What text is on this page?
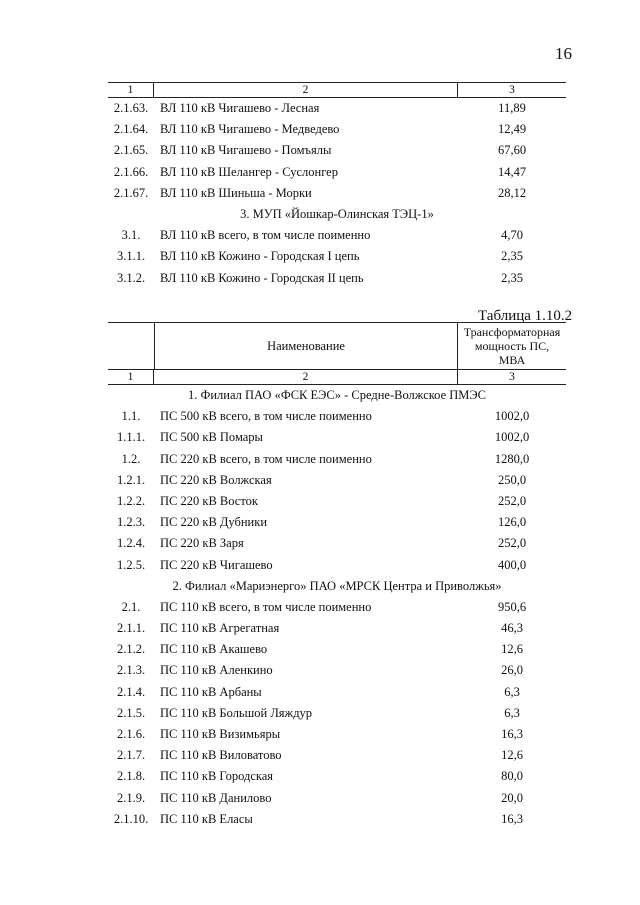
16
1	2	3
2.1.63. ВЛ 110 кВ Чигашево - Лесная	11,89
2.1.64. ВЛ 110 кВ Чигашево - Медведево	12,49
2.1.65. ВЛ 110 кВ Чигашево - Помъялы	67,60
2.1.66. ВЛ 110 кВ Шелангер - Суслонгер	14,47
2.1.67. ВЛ 110 кВ Шиньша - Морки	28,12
3. МУП «Йошкар-Олинская ТЭЦ-1»
3.1.	ВЛ 110 кВ всего, в том числе поименно	4,70
3.1.1.	ВЛ 110 кВ Кожино - Городская I цепь	2,35
3.1.2.	ВЛ 110 кВ Кожино - Городская II цепь	2,35
Таблица 1.10.2
Наименование
Трансформаторная
мощность ПС,
МВА
1	2	3
1. Филиал ПАО «ФСК ЕЭС» - Средне-Волжское ПМЭС
1.1.	ПС 500 кВ всего, в том числе поименно	1002,0
1.1.1.	ПС 500 кВ Помары	1002,0
1.2.	ПС 220 кВ всего, в том числе поименно	1280,0
1.2.1.	ПС 220 кВ Волжская	250,0
1.2.2.	ПС 220 кВ Восток	252,0
1.2.3.	ПС 220 кВ Дубники	126,0
1.2.4.	ПС 220 кВ Заря	252,0
1.2.5.	ПС 220 кВ Чигашево	400,0
2. Филиал «Мариэнерго» ПАО «МРСК Центра и Приволжья»
2.1.	ПС 110 кВ всего, в том числе поименно	950,6
2.1.1.	ПС 110 кВ Агрегатная	46,3
2.1.2.	ПС 110 кВ Акашево	12,6
2.1.3.	ПС 110 кВ Аленкино	26,0
2.1.4.	ПС 110 кВ Арбаны	6,3
2.1.5.	ПС 110 кВ Большой Ляждур	6,3
2.1.6.	ПС 110 кВ Визимьяры	16,3
2.1.7.	ПС 110 кВ Виловатово	12,6
2.1.8.	ПС 110 кВ Городская	80,0
2.1.9.	ПС 110 кВ Данилово	20,0
2.1.10. ПС 110 кВ Еласы	16,3
